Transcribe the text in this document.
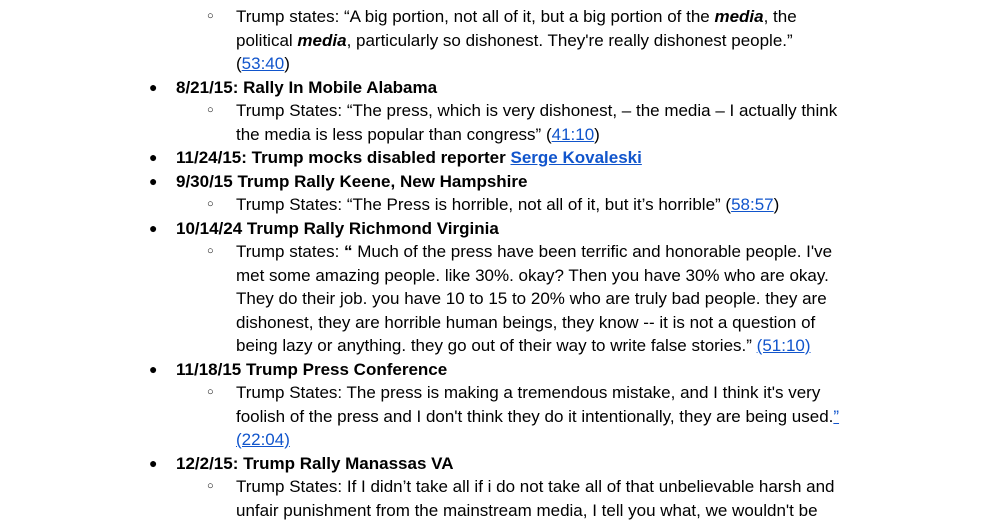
○ Trump states: “A big portion, not all of it, but a big portion of the media, the
political media, particularly so dishonest. They're really dishonest people.”
(53:40)
● 8/21/15: Rally In Mobile Alabama
○ Trump States: “The press, which is very dishonest, – the media – I actually think
the media is less popular than congress” (41:10)
● 11/24/15: Trump mocks disabled reporter Serge Kovaleski
● 9/30/15 Trump Rally Keene, New Hampshire
○ Trump States: “The Press is horrible, not all of it, but it’s horrible” (58:57)
● 10/14/24 Trump Rally Richmond Virginia
○ Trump states: “ Much of the press have been terrific and honorable people. I've
met some amazing people. like 30%. okay? Then you have 30% who are okay.
They do their job. you have 10 to 15 to 20% who are truly bad people. they are
dishonest, they are horrible human beings, they know -- it is not a question of
being lazy or anything. they go out of their way to write false stories.” (51:10)
● 11/18/15 Trump Press Conference
○ Trump States: The press is making a tremendous mistake, and I think it's very
foolish of the press and I don't think they do it intentionally, they are being used.”
(22:04)
● 12/2/15: Trump Rally Manassas VA
○ Trump States: If I didn’t take all if i do not take all of that unbelievable harsh and
unfair punishment from the mainstream media, I tell you what, we wouldn't be
